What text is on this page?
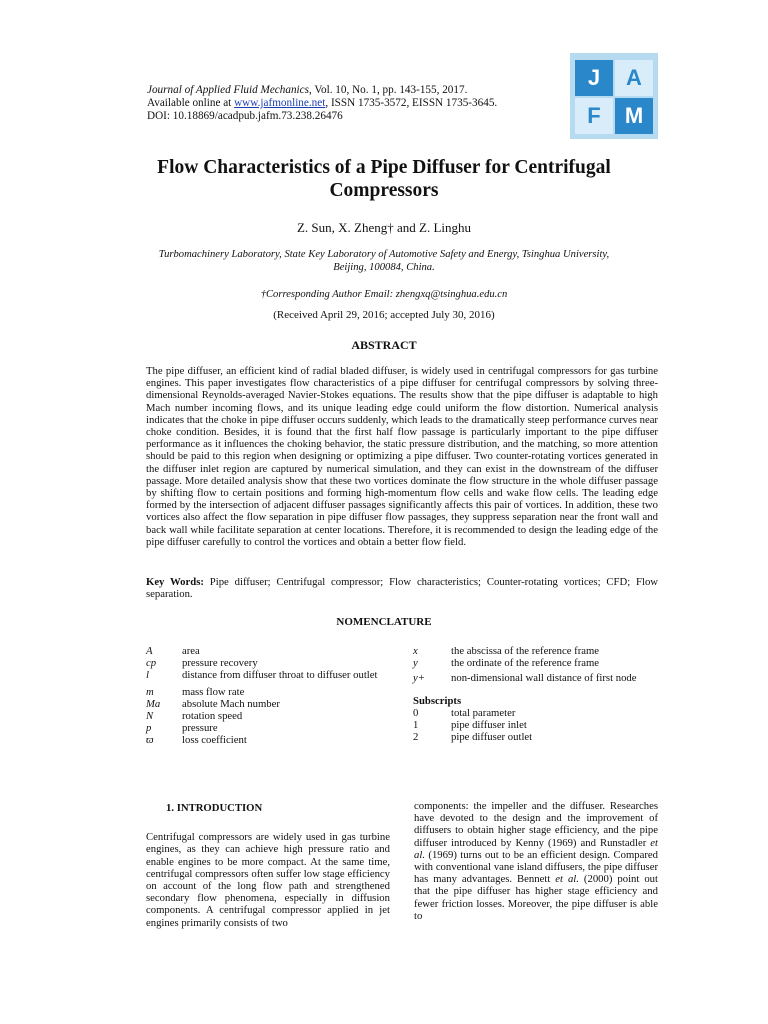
Journal of Applied Fluid Mechanics, Vol. 10, No. 1, pp. 143-155, 2017.
Available online at www.jafmonline.net, ISSN 1735-3572, EISSN 1735-3645.
DOI: 10.18869/acadpub.jafm.73.238.26476
J	A
F	M
Flow Characteristics of a Pipe Diffuser for Centrifugal Compressors
Z. Sun, X. Zheng† and Z. Linghu
Turbomachinery Laboratory, State Key Laboratory of Automotive Safety and Energy, Tsinghua University, Beijing, 100084, China.
†Corresponding Author Email: zhengxq@tsinghua.edu.cn
(Received April 29, 2016; accepted July 30, 2016)
ABSTRACT
The pipe diffuser, an efficient kind of radial bladed diffuser, is widely used in centrifugal compressors for gas turbine engines. This paper investigates flow characteristics of a pipe diffuser for centrifugal compressors by solving three-dimensional Reynolds-averaged Navier-Stokes equations. The results show that the pipe diffuser is adaptable to high Mach number incoming flows, and its unique leading edge could uniform the flow distortion. Numerical analysis indicates that the choke in pipe diffuser occurs suddenly, which leads to the dramatically steep performance curves near choke condition. Besides, it is found that the first half flow passage is particularly important to the pipe diffuser performance as it influences the choking behavior, the static pressure distribution, and the matching, so more attention should be paid to this region when designing or optimizing a pipe diffuser. Two counter-rotating vortices generated in the diffuser inlet region are captured by numerical simulation, and they can exist in the downstream of the diffuser passage. More detailed analysis show that these two vortices dominate the flow structure in the whole diffuser passage by shifting flow to certain positions and forming high-momentum flow cells and wake flow cells. The leading edge formed by the intersection of adjacent diffuser passages significantly affects this pair of vortices. In addition, these two vortices also affect the flow separation in pipe diffuser flow passages, they suppress separation near the front wall and back wall while facilitate separation at center locations. Therefore, it is recommended to design the leading edge of the pipe diffuser carefully to control the vortices and obtain a better flow field.
Key Words: Pipe diffuser; Centrifugal compressor; Flow characteristics; Counter-rotating vortices; CFD; Flow separation.
NOMENCLATURE
A	area
cp	pressure recovery
l	distance from diffuser throat to diffuser outlet
m	mass flow rate
Ma	absolute Mach number
N	rotation speed
p	pressure
ϖ	loss coefficient
x	the abscissa of the reference frame
y	the ordinate of the reference frame
y+	non-dimensional wall distance of first node
Subscripts
0	total parameter
1	pipe diffuser inlet
2	pipe diffuser outlet
1. INTRODUCTION

Centrifugal compressors are widely used in gas turbine engines, as they can achieve high pressure ratio and enable engines to be more compact. At the same time, centrifugal compressors often suffer low stage efficiency on account of the long flow path and strengthened secondary flow phenomena, especially in diffusion components. A centrifugal compressor applied in jet engines primarily consists of two

components: the impeller and the diffuser. Researches have devoted to the design and the improvement of diffusers to obtain higher stage efficiency, and the pipe diffuser introduced by Kenny (1969) and Runstadler et al. (1969) turns out to be an efficient design. Compared with conventional vane island diffusers, the pipe diffuser has many advantages. Bennett et al. (2000) point out that the pipe diffuser has higher stage efficiency and fewer friction losses. Moreover, the pipe diffuser is able to
